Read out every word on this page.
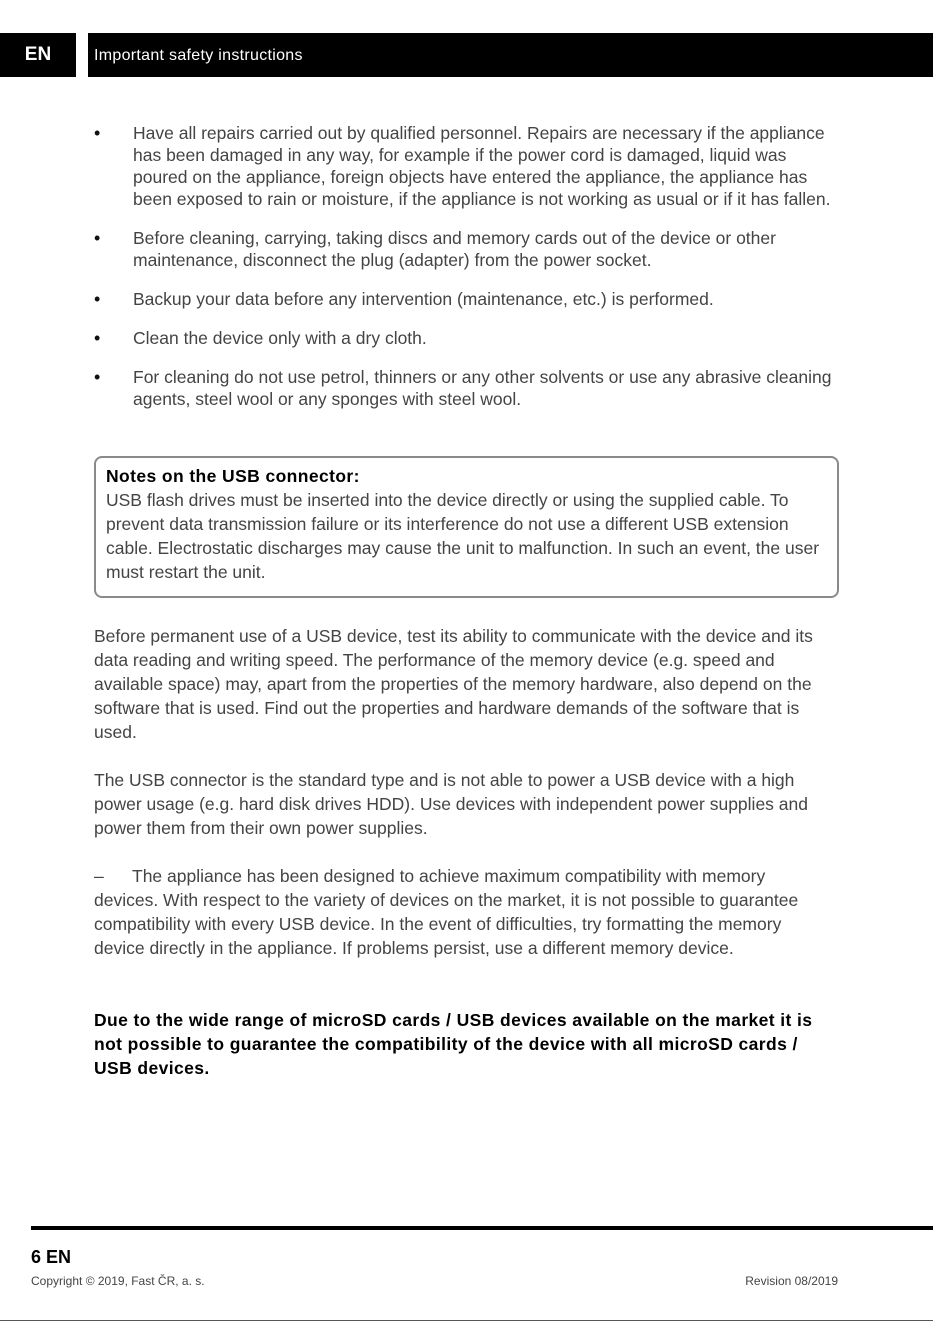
EN	Important safety instructions
• Have all repairs carried out by qualified personnel. Repairs are necessary if the appliance has been damaged in any way, for example if the power cord is damaged, liquid was poured on the appliance, foreign objects have entered the appliance, the appliance has been exposed to rain or moisture, if the appliance is not working as usual or if it has fallen.
• Before cleaning, carrying, taking discs and memory cards out of the device or other maintenance, disconnect the plug (adapter) from the power socket.
• Backup your data before any intervention (maintenance, etc.) is performed.
• Clean the device only with a dry cloth.
• For cleaning do not use petrol, thinners or any other solvents or use any abrasive cleaning agents, steel wool or any sponges with steel wool.
Notes on the USB connector:
USB flash drives must be inserted into the device directly or using the supplied cable. To prevent data transmission failure or its interference do not use a different USB extension cable. Electrostatic discharges may cause the unit to malfunction. In such an event, the user must restart the unit.

Before permanent use of a USB device, test its ability to communicate with the device and its data reading and writing speed. The performance of the memory device (e.g. speed and available space) may, apart from the properties of the memory hardware, also depend on the software that is used. Find out the properties and hardware demands of the software that is used.

The USB connector is the standard type and is not able to power a USB device with a high power usage (e.g. hard disk drives HDD). Use devices with independent power supplies and power them from their own power supplies.

– The appliance has been designed to achieve maximum compatibility with memory devices. With respect to the variety of devices on the market, it is not possible to guarantee compatibility with every USB device. In the event of difficulties, try formatting the memory device directly in the appliance. If problems persist, use a different memory device.

Due to the wide range of microSD cards / USB devices available on the market it is not possible to guarantee the compatibility of the device with all microSD cards / USB devices.

6 EN
Copyright © 2019, Fast ČR, a. s.	Revision 08/2019
